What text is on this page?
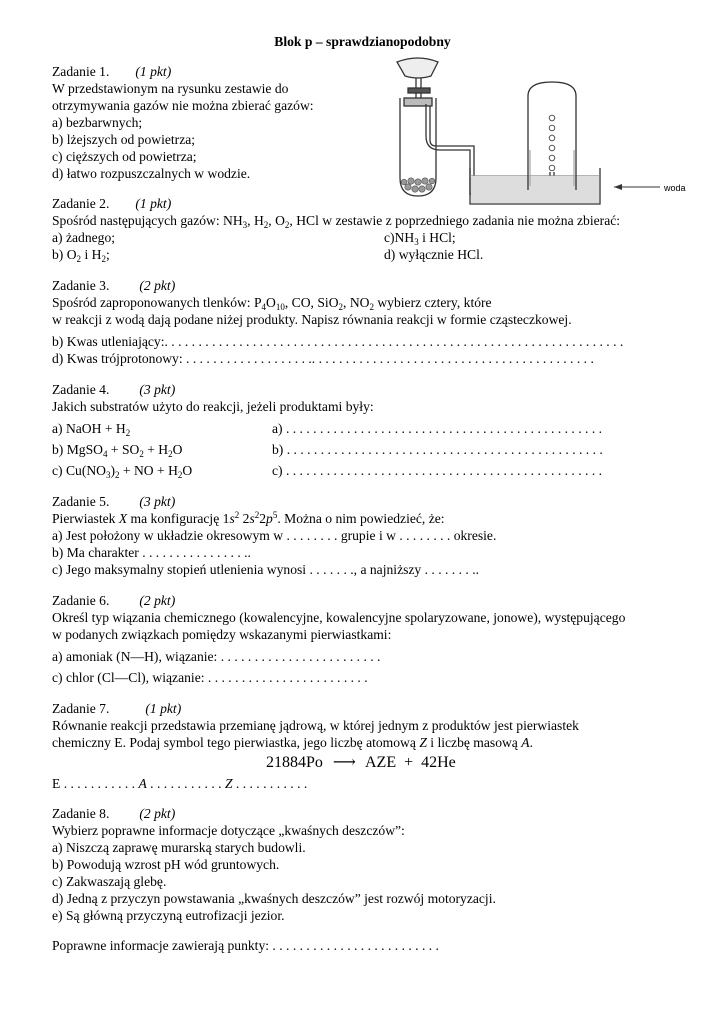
Blok p – sprawdzianopodobny
Zadanie 1. (1 pkt)
W przedstawionym na rysunku zestawie do
otrzymywania gazów nie można zbierać gazów:
a) bezbarwnych;
b) lżejszych od powietrza;
c) cięższych od powietrza;
d) łatwo rozpuszczalnych w wodzie.
woda
Zadanie 2. (1 pkt)
Spośród następujących gazów: $NH_3$, $H_2$, $O_2$, HCl w zestawie z poprzedniego zadania nie można zbierać:
a) żadnego;	$c)NH_3$ i HCl;
b) $O_2$ i $H_2$;	d) wyłącznie HCl.
Zadanie 3. (2 pkt)
Spośród zaproponowanych tlenków: $P_4O_{10}$, CO, SiO$_2$, $NO_2$ wybierz cztery, które
w reakcji z wodą dają podane niżej produkty. Napisz równania reakcji w formie cząsteczkowej.
b) Kwas utleniający:. . . . . . . . . . . . . . . . . . . . . . . . . . . . . . . . . . . . . . . . . . . . . . . . . . . . . . . . . . . . . . . . . . . .
d) Kwas trójprotonowy: . . . . . . . . . . . . . . . . . . .. . . . . . . . . . . . . . . . . . . . . . . . . . . . . . . . . . . . . . . . . .
Zadanie 4. (3 pkt)
Jakich substratów użyto do reakcji, jeżeli produktami były:
a) NaOH + $H_2$	a) . . . . . . . . . . . . . . . . . . . . . . . . . . . . . . . . . . . . . . . . . . . . . . .
b) MgSO$_4$ + $SO_2 + H_2O$	b) . . . . . . . . . . . . . . . . . . . . . . . . . . . . . . . . . . . . . . . . . . . . . . .
c) $Cu(NO_3)_2$ + NO + $H_2O$	c) . . . . . . . . . . . . . . . . . . . . . . . . . . . . . . . . . . . . . . . . . . . . . . .
Zadanie 5. (3 pkt)
Pierwiastek X ma konfigurację $1s^2$ $2s^22p^5$. Można o nim powiedzieć, że:
a) Jest położony w układzie okresowym w . . . . . . . . grupie i w . . . . . . . . okresie.
b) Ma charakter . . . . . . . . . . . . . . . ..
c) Jego maksymalny stopień utlenienia wynosi . . . . . . ., a najniższy . . . . . . . ..
Zadanie 6. (2 pkt)
Określ typ wiązania chemicznego (kowalencyjne, kowalencyjne spolaryzowane, jonowe), występującego
w podanych związkach pomiędzy wskazanymi pierwiastkami:
a) amoniak (N—H), wiązanie: . . . . . . . . . . . . . . . . . . . . . . . .
c) chlor (Cl—Cl), wiązanie: . . . . . . . . . . . . . . . . . . . . . . . .
Zadanie 7.	(1 pkt)
Równanie reakcji przedstawia przemianę jądrową, w której jednym z produktów jest pierwiastek
chemiczny E. Podaj symbol tego pierwiastka, jego liczbę atomową Z i liczbę masową A.
21884Po ⟶ AZE + 42He
E . . . . . . . . . . . A . . . . . . . . . . . Z . . . . . . . . . . .
Zadanie 8. (2 pkt)
Wybierz poprawne informacje dotyczące „kwaśnych deszczów”:
a) Niszczą zaprawę murarską starych budowli.
b) Powodują wzrost pH wód gruntowych.
c) Zakwaszają glebę.
d) Jedną z przyczyn powstawania „kwaśnych deszczów” jest rozwój motoryzacji.
e) Są główną przyczyną eutrofizacji jezior.
Poprawne informacje zawierają punkty: . . . . . . . . . . . . . . . . . . . . . . . . .
